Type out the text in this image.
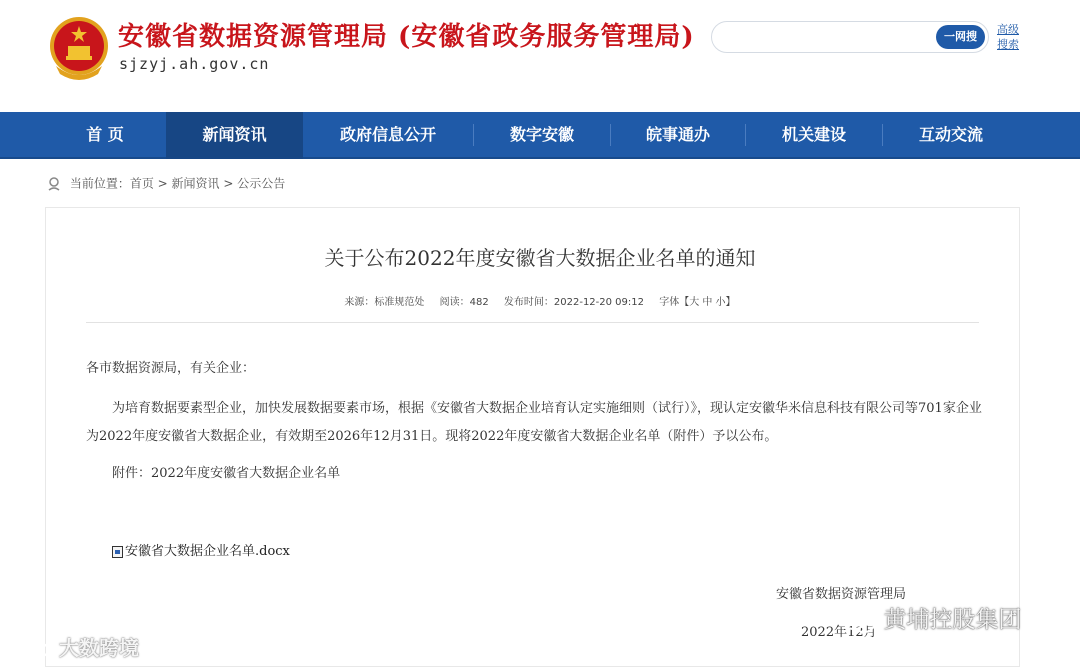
安徽省数据资源管理局 (安徽省政务服务管理局)
sjzyj.ah.gov.cn
一网搜
高级搜索
首 页	新闻资讯	政府信息公开	数字安徽	皖事通办	机关建设	互动交流
当前位置：首页 > 新闻资讯 > 公示公告
关于公布2022年度安徽省大数据企业名单的通知
来源：标准规范处 阅读：482 发布时间：2022-12-20 09:12 字体【大 中 小】
各市数据资源局，有关企业：
为培育数据要素型企业，加快发展数据要素市场，根据《安徽省大数据企业培育认定实施细则（试行）》，现认定安徽华米信息科技有限公司等701家企业为2022年度安徽省大数据企业，有效期至2026年12月31日。现将2022年度安徽省大数据企业名单（附件）予以公布。
附件：2022年度安徽省大数据企业名单
安徽省大数据企业名单.docx
安徽省数据资源管理局
2022年12月
大数跨境
黄埔控股集团
